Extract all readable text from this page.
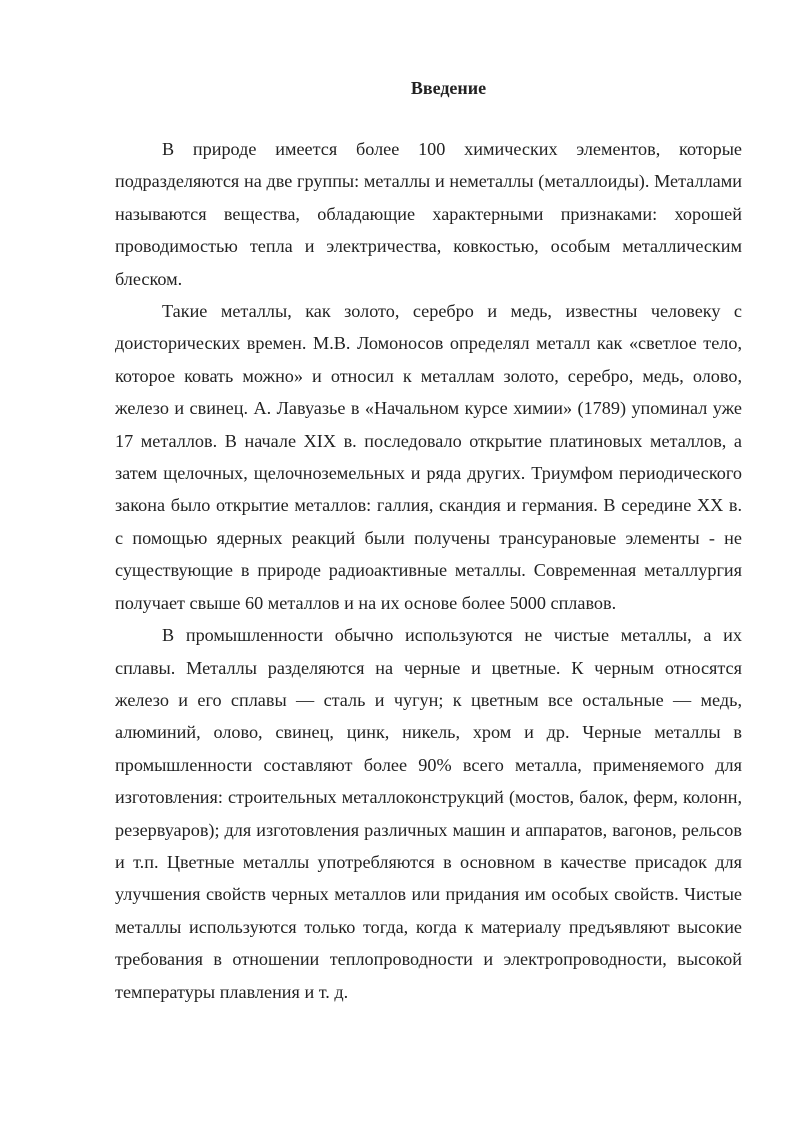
Введение

В природе имеется более 100 химических элементов, которые подразделяются на две группы: металлы и неметаллы (металлоиды). Металлами называются вещества, обладающие характерными признаками: хорошей проводимостью тепла и электричества, ковкостью, особым металлическим блеском.

Такие металлы, как золото, серебро и медь, известны человеку с доисторических времен. М.В. Ломоносов определял металл как «светлое тело, которое ковать можно» и относил к металлам золото, серебро, медь, олово, железо и свинец. А. Лавуазье в «Начальном курсе химии» (1789) упоминал уже 17 металлов. В начале XIX в. последовало открытие платиновых металлов, а затем щелочных, щелочноземельных и ряда других. Триумфом периодического закона было открытие металлов: галлия, скандия и германия. В середине XX в. с помощью ядерных реакций были получены трансурановые элементы - не существующие в природе радиоактивные металлы. Современная металлургия получает свыше 60 металлов и на их основе более 5000 сплавов.

В промышленности обычно используются не чистые металлы, а их сплавы. Металлы разделяются на черные и цветные. К черным относятся железо и его сплавы — сталь и чугун; к цветным все остальные — медь, алюминий, олово, свинец, цинк, никель, хром и др. Черные металлы в промышленности составляют более 90% всего металла, применяемого для изготовления: строительных металлоконструкций (мостов, балок, ферм, колонн, резервуаров); для изготовления различных машин и аппаратов, вагонов, рельсов и т.п. Цветные металлы употребляются в основном в качестве присадок для улучшения свойств черных металлов или придания им особых свойств. Чистые металлы используются только тогда, когда к материалу предъявляют высокие требования в отношении теплопроводности и электропроводности, высокой температуры плавления и т. д.
